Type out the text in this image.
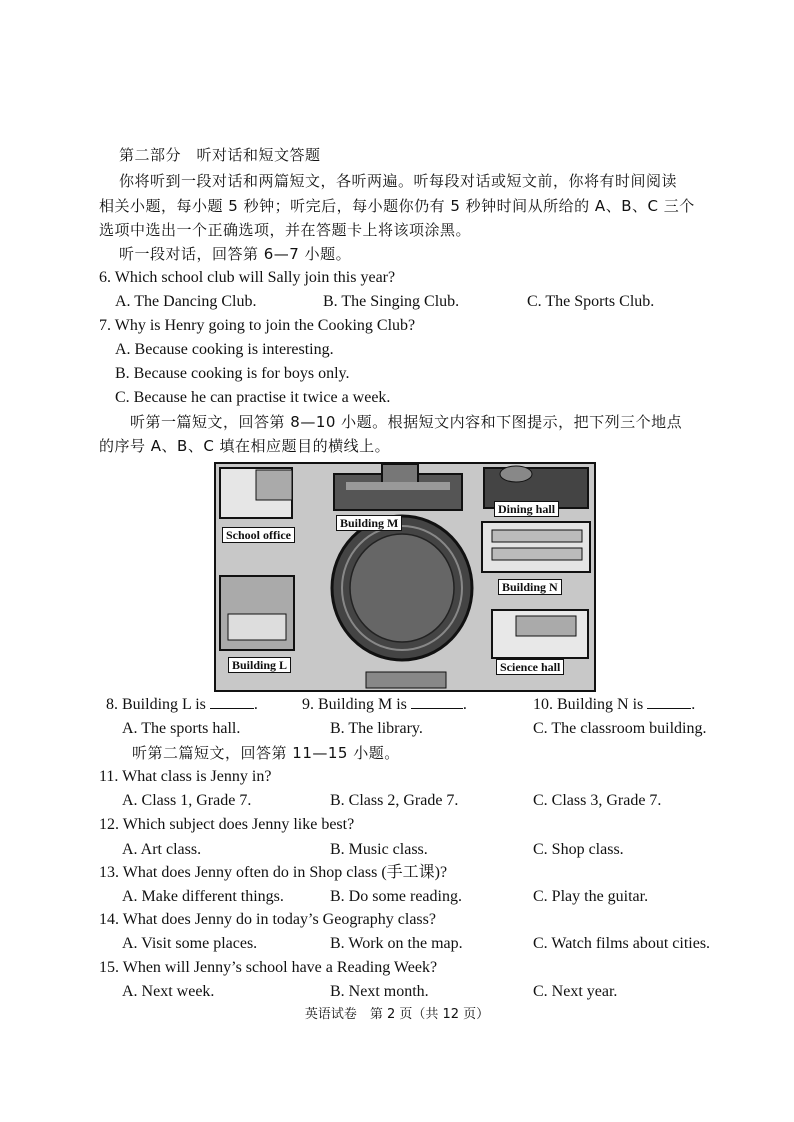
第二部分　听对话和短文答题
你将听到一段对话和两篇短文，各听两遍。听每段对话或短文前，你将有时间阅读
相关小题，每小题 5 秒钟；听完后，每小题你仍有 5 秒钟时间从所给的 A、B、C 三个
选项中选出一个正确选项，并在答题卡上将该项涂黑。
听一段对话，回答第 6—7 小题。
6. Which school club will Sally join this year?
A. The Dancing Club.	B. The Singing Club.	C. The Sports Club.
7. Why is Henry going to join the Cooking Club?
A. Because cooking is interesting.
B. Because cooking is for boys only.
C. Because he can practise it twice a week.
听第一篇短文，回答第 8—10 小题。根据短文内容和下图提示，把下列三个地点
的序号 A、B、C 填在相应题目的横线上。
Building M
Dining hall
School office
Building N
Building L	Science hall
8. Building L is	.	9. Building M is	.	10. Building N is	.
A. The sports hall.	B. The library.	C. The classroom building.
听第二篇短文，回答第 11—15 小题。
11. What class is Jenny in?
A. Class 1, Grade 7.	B. Class 2, Grade 7.	C. Class 3, Grade 7.
12. Which subject does Jenny like best?
A. Art class.	B. Music class.	C. Shop class.
13. What does Jenny often do in Shop class (手工课)?
A. Make different things.	B. Do some reading.	C. Play the guitar.
14. What does Jenny do in today’s Geography class?
A. Visit some places.	B. Work on the map.	C. Watch films about cities.
15. When will Jenny’s school have a Reading Week?
A. Next week.	B. Next month.	C. Next year.
英语试卷　第 2 页（共 12 页）
